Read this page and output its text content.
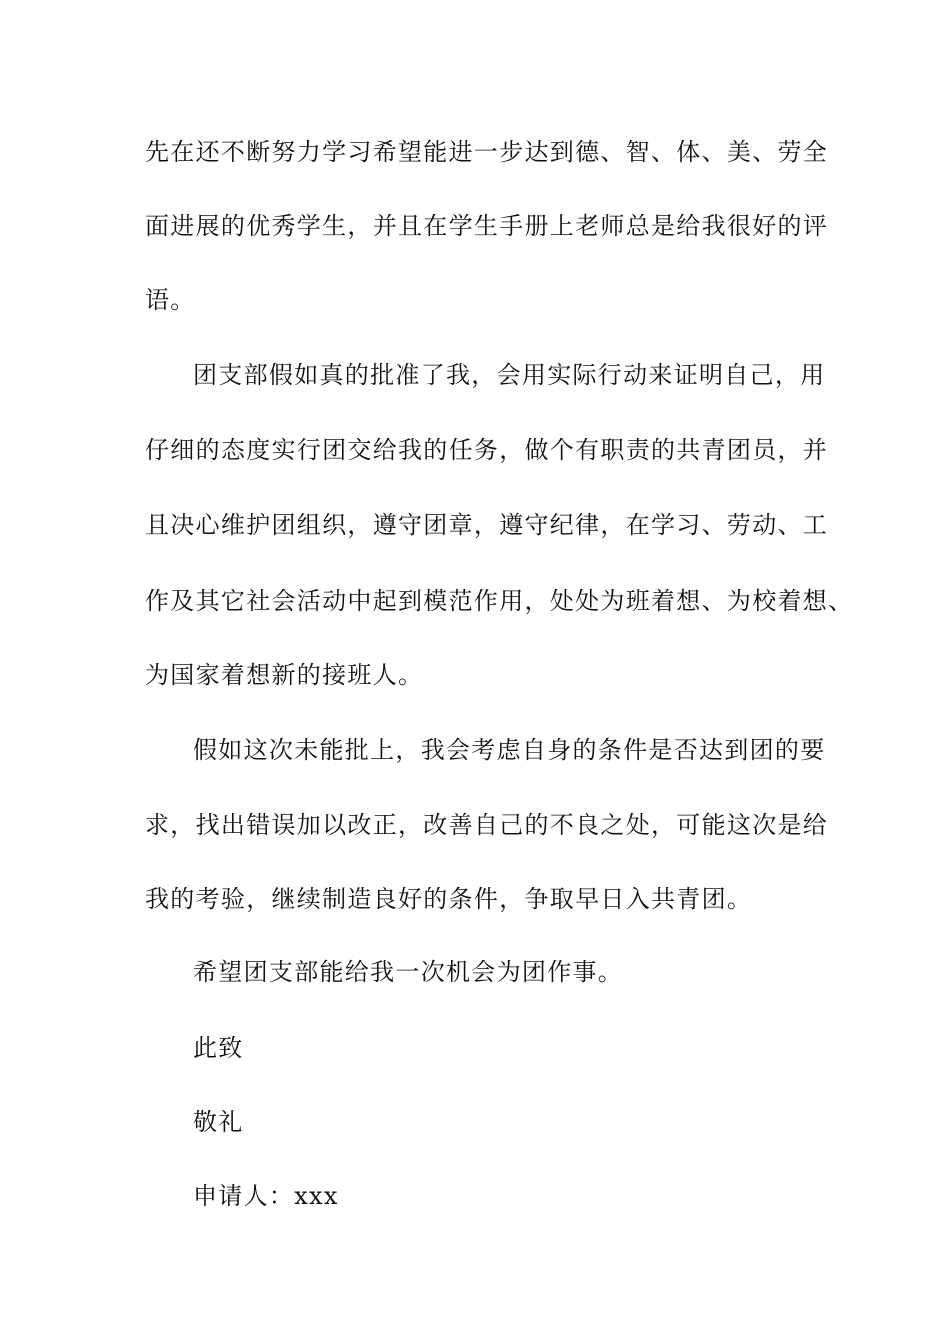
先在还不断努力学习希望能进一步达到德、智、体、美、劳全
面进展的优秀学生，并且在学生手册上老师总是给我很好的评
语。
团支部假如真的批准了我，会用实际行动来证明自己，用
仔细的态度实行团交给我的任务，做个有职责的共青团员，并
且决心维护团组织，遵守团章，遵守纪律，在学习、劳动、工
作及其它社会活动中起到模范作用，处处为班着想、为校着想、
为国家着想新的接班人。
假如这次未能批上，我会考虑自身的条件是否达到团的要
求，找出错误加以改正，改善自己的不良之处，可能这次是给
我的考验，继续制造良好的条件，争取早日入共青团。
希望团支部能给我一次机会为团作事。
此致
敬礼
申请人：xxx
